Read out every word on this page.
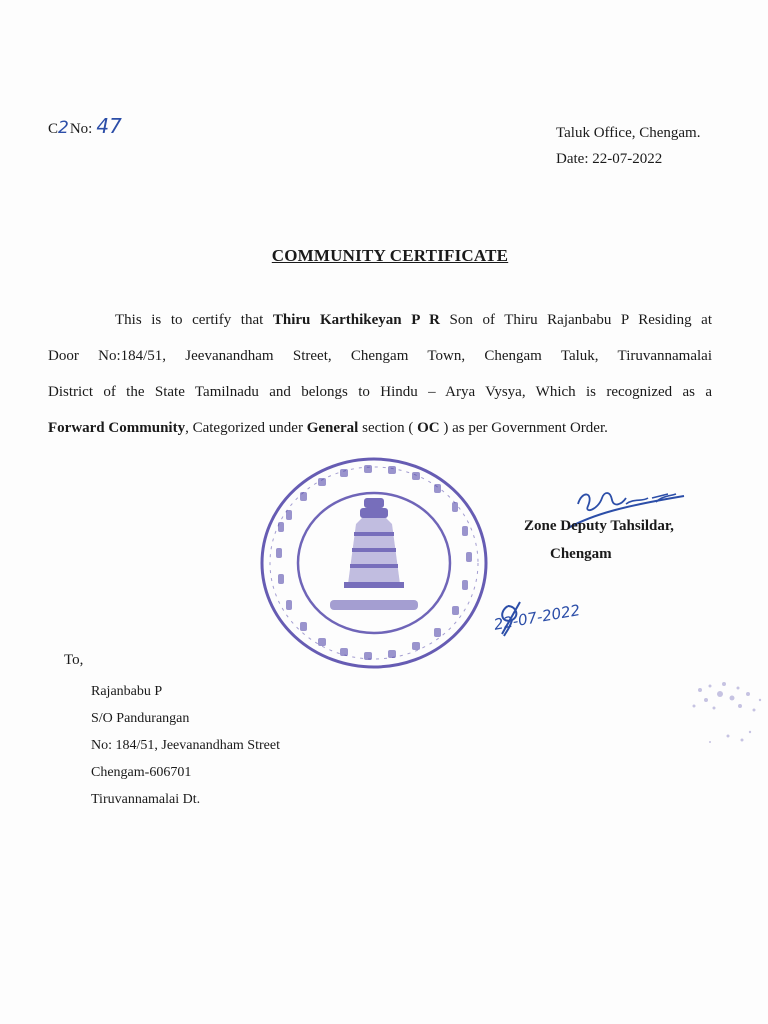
C 2 No: 47	Taluk Office, Chengam.
Date: 22-07-2022
COMMUNITY CERTIFICATE
This is to certify that Thiru Karthikeyan P R Son of Thiru Rajanbabu P Residing at
Door No:184/51, Jeevanandham Street, Chengam Town, Chengam Taluk, Tiruvannamalai
District of the State Tamilnadu and belongs to Hindu – Arya Vysya, Which is recognized as a
Forward Community, Categorized under General section ( OC ) as per Government Order.
Zone Deputy Tahsildar,
Chengam
22-07-2022
To,
Rajanbabu P
S/O Pandurangan
No: 184/51, Jeevanandham Street
Chengam-606701
Tiruvannamalai Dt.
